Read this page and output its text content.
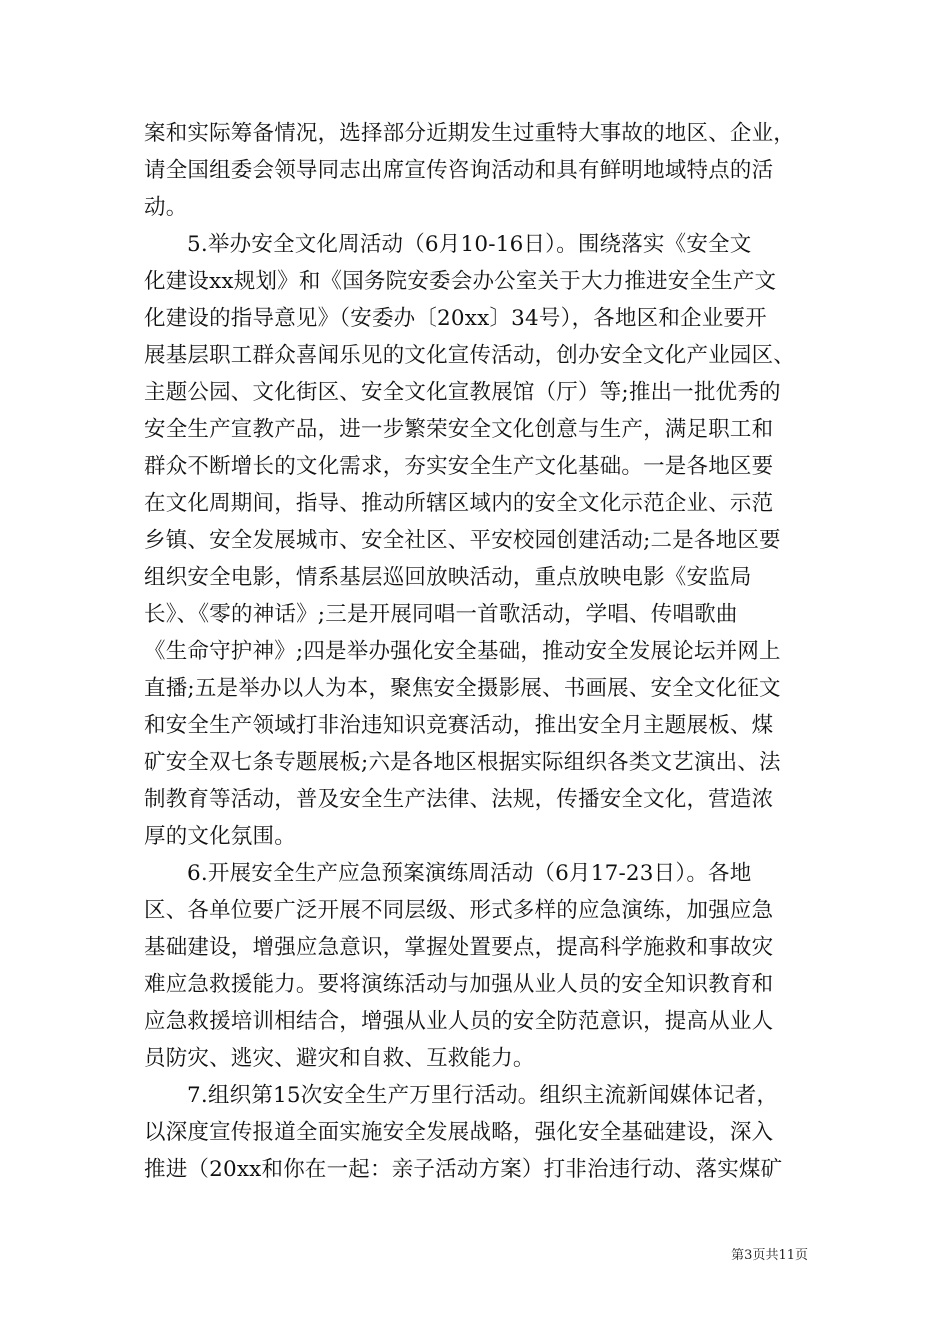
案和实际筹备情况，选择部分近期发生过重特大事故的地区、企业，
请全国组委会领导同志出席宣传咨询活动和具有鲜明地域特点的活
动。
5.举办安全文化周活动（6月10-16日）。围绕落实《安全文
化建设xx规划》和《国务院安委会办公室关于大力推进安全生产文
化建设的指导意见》（安委办〔20xx〕34号），各地区和企业要开
展基层职工群众喜闻乐见的文化宣传活动，创办安全文化产业园区、
主题公园、文化街区、安全文化宣教展馆（厅）等;推出一批优秀的
安全生产宣教产品，进一步繁荣安全文化创意与生产，满足职工和
群众不断增长的文化需求，夯实安全生产文化基础。一是各地区要
在文化周期间，指导、推动所辖区域内的安全文化示范企业、示范
乡镇、安全发展城市、安全社区、平安校园创建活动;二是各地区要
组织安全电影，情系基层巡回放映活动，重点放映电影《安监局
长》、《零的神话》;三是开展同唱一首歌活动，学唱、传唱歌曲
《生命守护神》;四是举办强化安全基础，推动安全发展论坛并网上
直播;五是举办以人为本，聚焦安全摄影展、书画展、安全文化征文
和安全生产领域打非治违知识竞赛活动，推出安全月主题展板、煤
矿安全双七条专题展板;六是各地区根据实际组织各类文艺演出、法
制教育等活动，普及安全生产法律、法规，传播安全文化，营造浓
厚的文化氛围。
6.开展安全生产应急预案演练周活动（6月17-23日）。各地
区、各单位要广泛开展不同层级、形式多样的应急演练，加强应急
基础建设，增强应急意识，掌握处置要点，提高科学施救和事故灾
难应急救援能力。要将演练活动与加强从业人员的安全知识教育和
应急救援培训相结合，增强从业人员的安全防范意识，提高从业人
员防灾、逃灾、避灾和自救、互救能力。
7.组织第15次安全生产万里行活动。组织主流新闻媒体记者，
以深度宣传报道全面实施安全发展战略，强化安全基础建设，深入
推进（20xx和你在一起：亲子活动方案）打非治违行动、落实煤矿
第3页共11页
